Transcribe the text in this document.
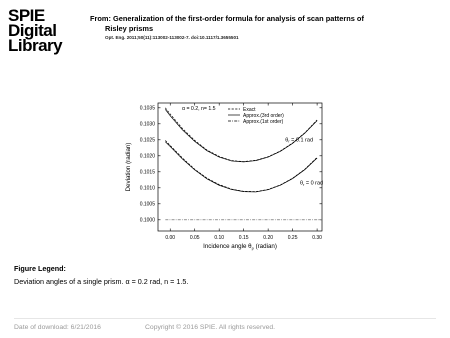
SPIE
Digital
Library
From: Generalization of the first-order formula for analysis of scan patterns of
Risley prisms
Opt. Eng. 2011;50(11):113002-113002-7. doi:10.1117/1.3655501
0.00	0.05	0.10	0.15	0.20	0.25	0.30
0.1000
0.1005
0.1010
0.1015
0.1020
0.1025
0.1030
0.1035
Incidence angle $\theta_p$ (radian)
Deviation (radian)
α = 0.2, n= 1.5	Exact
Approx.(3rd order)
Approx.(1st order)
$\theta_r = 0.1$ rad
$\theta_r = 0$ rad
Figure Legend:
Deviation angles of a single prism. α = 0.2 rad, n = 1.5.
Date of download: 6/21/2016	Copyright © 2016 SPIE. All rights reserved.
